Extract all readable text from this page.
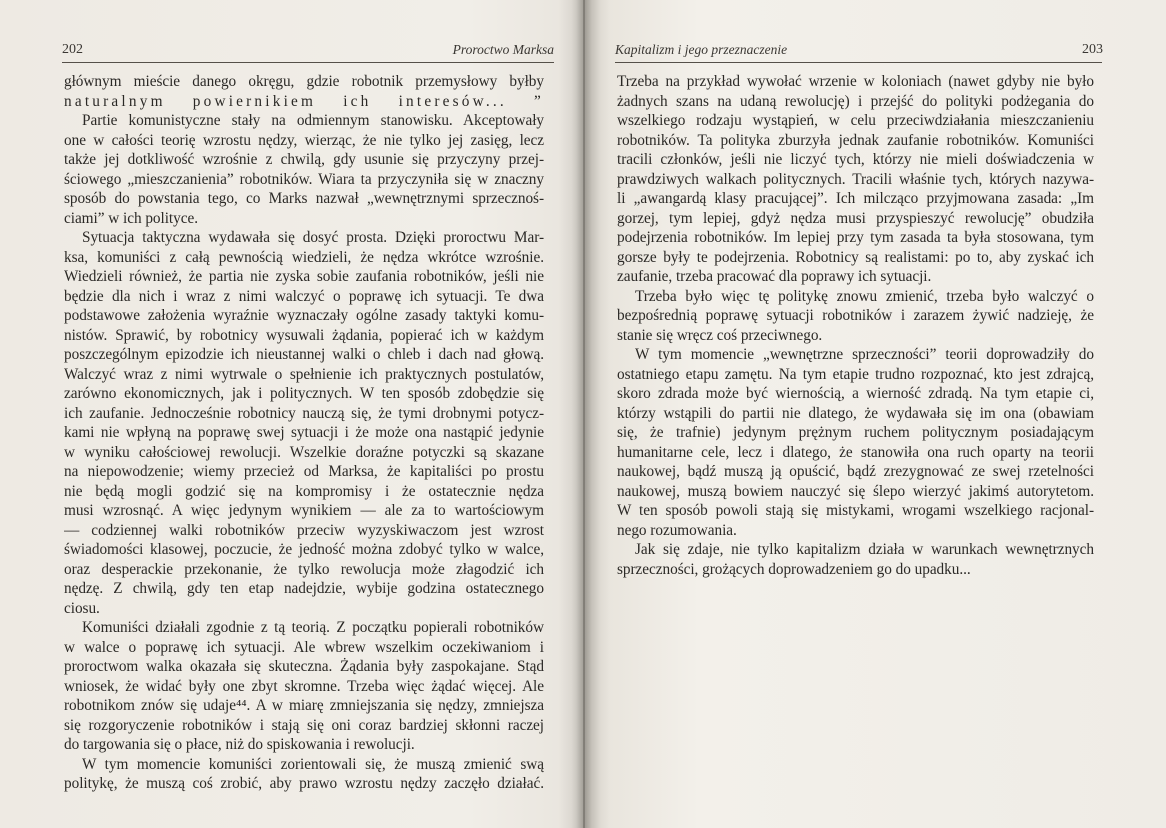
202	Proroctwo Marksa
głównym mieście danego okręgu, gdzie robotnik przemysłowy byłby
naturalnym powiernikiem ich interesów... ”
Partie komunistyczne stały na odmiennym stanowisku. Akceptowały
one w całości teorię wzrostu nędzy, wierząc, że nie tylko jej zasięg, lecz
także jej dotkliwość wzrośnie z chwilą, gdy usunie się przyczyny przej-
ściowego „mieszczanienia” robotników. Wiara ta przyczyniła się w znaczny
sposób do powstania tego, co Marks nazwał „wewnętrznymi sprzecznoś-
ciami” w ich polityce.
Sytuacja taktyczna wydawała się dosyć prosta. Dzięki proroctwu Mar-
ksa, komuniści z całą pewnością wiedzieli, że nędza wkrótce wzrośnie.
Wiedzieli również, że partia nie zyska sobie zaufania robotników, jeśli nie
będzie dla nich i wraz z nimi walczyć o poprawę ich sytuacji. Te dwa
podstawowe założenia wyraźnie wyznaczały ogólne zasady taktyki komu-
nistów. Sprawić, by robotnicy wysuwali żądania, popierać ich w każdym
poszczególnym epizodzie ich nieustannej walki o chleb i dach nad głową.
Walczyć wraz z nimi wytrwale o spełnienie ich praktycznych postulatów,
zarówno ekonomicznych, jak i politycznych. W ten sposób zdobędzie się
ich zaufanie. Jednocześnie robotnicy nauczą się, że tymi drobnymi potycz-
kami nie wpłyną na poprawę swej sytuacji i że może ona nastąpić jedynie
w wyniku całościowej rewolucji. Wszelkie doraźne potyczki są skazane
na niepowodzenie; wiemy przecież od Marksa, że kapitaliści po prostu
nie będą mogli godzić się na kompromisy i że ostatecznie nędza
musi wzrosnąć. A więc jedynym wynikiem — ale za to wartościowym
— codziennej walki robotników przeciw wyzyskiwaczom jest wzrost
świadomości klasowej, poczucie, że jedność można zdobyć tylko w walce,
oraz desperackie przekonanie, że tylko rewolucja może złagodzić ich
nędzę. Z chwilą, gdy ten etap nadejdzie, wybije godzina ostatecznego
ciosu.
Komuniści działali zgodnie z tą teorią. Z początku popierali robotników
w walce o poprawę ich sytuacji. Ale wbrew wszelkim oczekiwaniom i
proroctwom walka okazała się skuteczna. Żądania były zaspokajane. Stąd
wniosek, że widać były one zbyt skromne. Trzeba więc żądać więcej. Ale
robotnikom znów się udaje⁴⁴. A w miarę zmniejszania się nędzy, zmniejsza
się rozgoryczenie robotników i stają się oni coraz bardziej skłonni raczej
do targowania się o płace, niż do spiskowania i rewolucji.
W tym momencie komuniści zorientowali się, że muszą zmienić swą
politykę, że muszą coś zrobić, aby prawo wzrostu nędzy zaczęło działać.
Kapitalizm i jego przeznaczenie	203
Trzeba na przykład wywołać wrzenie w koloniach (nawet gdyby nie było
żadnych szans na udaną rewolucję) i przejść do polityki podżegania do
wszelkiego rodzaju wystąpień, w celu przeciwdziałania mieszczanieniu
robotników. Ta polityka zburzyła jednak zaufanie robotników. Komuniści
tracili członków, jeśli nie liczyć tych, którzy nie mieli doświadczenia w
prawdziwych walkach politycznych. Tracili właśnie tych, których nazywa-
li „awangardą klasy pracującej”. Ich milcząco przyjmowana zasada: „Im
gorzej, tym lepiej, gdyż nędza musi przyspieszyć rewolucję” obudziła
podejrzenia robotników. Im lepiej przy tym zasada ta była stosowana, tym
gorsze były te podejrzenia. Robotnicy są realistami: po to, aby zyskać ich
zaufanie, trzeba pracować dla poprawy ich sytuacji.
Trzeba było więc tę politykę znowu zmienić, trzeba było walczyć o
bezpośrednią poprawę sytuacji robotników i zarazem żywić nadzieję, że
stanie się wręcz coś przeciwnego.
W tym momencie „wewnętrzne sprzeczności” teorii doprowadziły do
ostatniego etapu zamętu. Na tym etapie trudno rozpoznać, kto jest zdrajcą,
skoro zdrada może być wiernością, a wierność zdradą. Na tym etapie ci,
którzy wstąpili do partii nie dlatego, że wydawała się im ona (obawiam
się, że trafnie) jedynym prężnym ruchem politycznym posiadającym
humanitarne cele, lecz i dlatego, że stanowiła ona ruch oparty na teorii
naukowej, bądź muszą ją opuścić, bądź zrezygnować ze swej rzetelności
naukowej, muszą bowiem nauczyć się ślepo wierzyć jakimś autorytetom.
W ten sposób powoli stają się mistykami, wrogami wszelkiego racjonal-
nego rozumowania.
Jak się zdaje, nie tylko kapitalizm działa w warunkach wewnętrznych
sprzeczności, grożących doprowadzeniem go do upadku...
